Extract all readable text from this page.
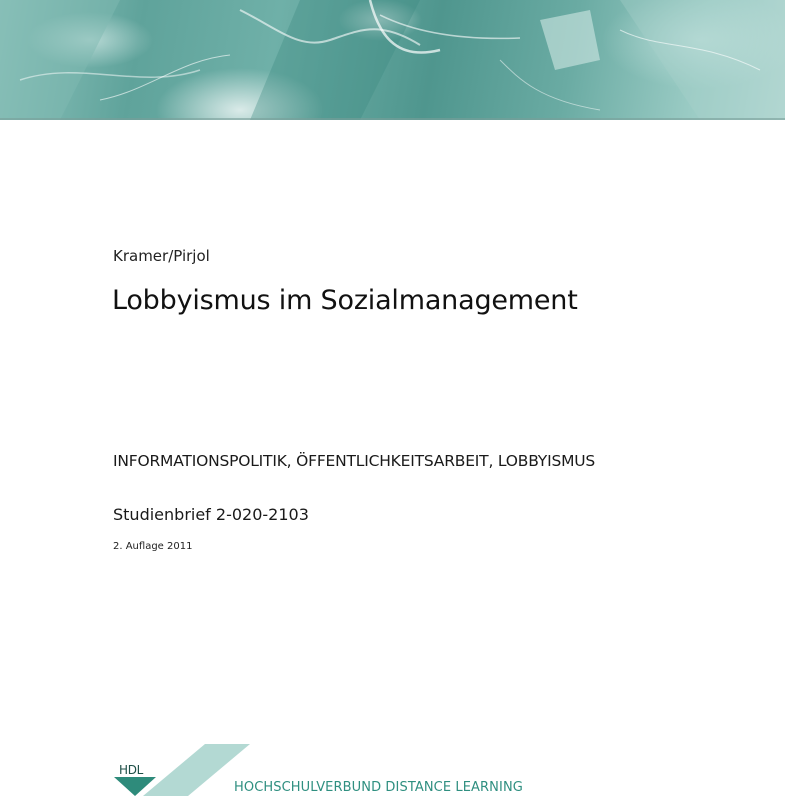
Kramer/Pirjol
Lobbyismus im Sozialmanagement
INFORMATIONSPOLITIK, ÖFFENTLICHKEITSARBEIT, LOBBYISMUS
Studienbrief 2-020-2103
2. Auflage 2011
HDL
HOCHSCHULVERBUND DISTANCE LEARNING
